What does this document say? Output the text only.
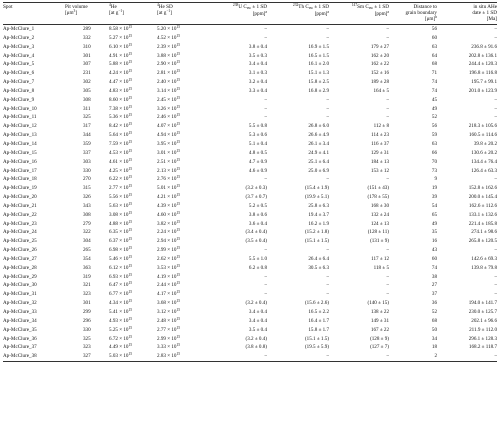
Spot	Pit volume
$[\mu m^3]$	$^4$He
[at $g^{-1}$]	$^4$He SD
[at $g^{-1}$]	$^{238}$U $C_{aw} \pm 1$ SD
[ppm]$^a$	$^{232}$Th $C_{aw} \pm 1$ SD
[ppm]$^a$	$^{147}$Sm $C_{aw} \pm 1$ SD
[ppm]$^a$	Distance to
grain boundary
$[\mu m]^b$	in situ AHe
date ± 1 SD
[Ma]

Ap-McClure_1	289	$8.58 \times 10^{15}$	$5.20 \times 10^{15}$	–	–	–	56	–
Ap-McClure_2	332	$5.27 \times 10^{15}$	$4.52 \times 10^{15}$	–	–	–	60	–
Ap-McClure_3	310	$6.10 \times 10^{15}$	$2.39 \times 10^{15}$	3.8 ± 0.4	16.9 ± 1.5	179 ± 27	63	236.8 ± 91.6
Ap-McClure_4	301	$4.91 \times 10^{15}$	$3.88 \times 10^{15}$	3.5 ± 0.3	16.5 ± 1.5	162 ± 20	64	202.8 ± 136.1
Ap-McClure_5	307	$5.88 \times 10^{15}$	$2.90 \times 10^{15}$	3.4 ± 0.4	16.1 ± 2.0	162 ± 22	68	244.4 ± 120.3
Ap-McClure_6	231	$4.24 \times 10^{15}$	$2.81 \times 10^{15}$	3.1 ± 0.3	15.1 ± 1.3	152 ± 16	71	196.8 ± 116.8
Ap-McClure_7	302	$4.47 \times 10^{15}$	$2.40 \times 10^{15}$	3.2 ± 0.4	15.8 ± 2.5	189 ± 28	74	195.7 ± 99.1
Ap-McClure_8	305	$4.83 \times 10^{15}$	$3.14 \times 10^{15}$	3.3 ± 0.4	16.8 ± 2.9	164 ± 5	74	201.0 ± 123.9
Ap-McClure_9	308	$8.60 \times 10^{15}$	$2.45 \times 10^{15}$	–	–	–	45	–
Ap-McClure_10	311	$7.38 \times 10^{15}$	$3.26 \times 10^{15}$	–	–	–	49	–
Ap-McClure_11	325	$5.36 \times 10^{15}$	$2.46 \times 10^{15}$	–	–	–	52	–
Ap-McClure_12	317	$8.42 \times 10^{15}$	$4.07 \times 10^{15}$	5.5 ± 0.8	26.8 ± 6.0	112 ± 8	56	218.3 ± 105.6
Ap-McClure_13	344	$5.64 \times 10^{15}$	$4.94 \times 10^{15}$	5.3 ± 0.6	26.6 ± 4.9	114 ± 23	59	160.5 ± 114.6
Ap-McClure_14	359	$7.59 \times 10^{15}$	$3.95 \times 10^{15}$	5.1 ± 0.4	26.1 ± 3.4	116 ± 37	63	39.8 ± 20.2
Ap-McClure_15	337	$4.53 \times 10^{15}$	$3.01 \times 10^{15}$	4.8 ± 0.5	24.9 ± 4.1	129 ± 31	66	130.6 ± 20.2
Ap-McClure_16	303	$4.61 \times 10^{15}$	$2.51 \times 10^{15}$	4.7 ± 0.9	25.1 ± 6.4	184 ± 13	70	134.4 ± 76.4
Ap-McClure_17	330	$4.25 \times 10^{15}$	$2.13 \times 10^{15}$	4.6 ± 0.9	25.0 ± 6.9	153 ± 12	73	126.4 ± 63.3
Ap-McClure_18	270	$6.22 \times 10^{15}$	$2.76 \times 10^{15}$	–	–	–	9	–
Ap-McClure_19	315	$2.77 \times 10^{15}$	$5.01 \times 10^{15}$	(3.2 ± 0.3)	(15.4 ± 1.9)	(151 ± 43)	19	152.8 ± 162.6
Ap-McClure_20	326	$5.56 \times 10^{15}$	$4.21 \times 10^{15}$	(3.7 ± 0.7)	(19.9 ± 5.1)	(178 ± 55)	39	200.0 ± 145.4
Ap-McClure_21	343	$5.63 \times 10^{15}$	$4.39 \times 10^{15}$	5.2 ± 0.5	25.8 ± 6.3	168 ± 30	54	162.6 ± 112.6
Ap-McClure_22	308	$3.08 \times 10^{15}$	$4.60 \times 10^{15}$	3.8 ± 0.6	19.4 ± 3.7	132 ± 24	65	133.1 ± 132.6
Ap-McClure_23	279	$4.88 \times 10^{15}$	$3.82 \times 10^{15}$	3.6 ± 0.4	16.2 ± 1.9	124 ± 13	49	221.4 ± 185.8
Ap-McClure_24	322	$6.35 \times 10^{15}$	$2.24 \times 10^{15}$	(3.4 ± 0.4)	(15.2 ± 1.8)	(128 ± 11)	35	274.1 ± 98.6
Ap-McClure_25	304	$6.37 \times 10^{15}$	$2.94 \times 10^{15}$	(3.5 ± 0.4)	(15.1 ± 1.5)	(131 ± 9)	16	265.8 ± 120.5
Ap-McClure_26	265	$6.98 \times 10^{15}$	$2.99 \times 10^{15}$	–	–	–	43	–
Ap-McClure_27	354	$5.46 \times 10^{15}$	$2.62 \times 10^{15}$	5.5 ± 1.0	26.4 ± 6.4	117 ± 12	60	142.6 ± 69.3
Ap-McClure_28	363	$6.12 \times 10^{15}$	$3.53 \times 10^{15}$	6.2 ± 0.8	30.5 ± 6.3	118 ± 5	74	139.8 ± 79.8
Ap-McClure_29	319	$6.93 \times 10^{15}$	$4.19 \times 10^{15}$	–	–	–	38	–
Ap-McClure_30	321	$6.47 \times 10^{15}$	$2.44 \times 10^{15}$	–	–	–	27	–
Ap-McClure_31	323	$6.77 \times 10^{15}$	$4.17 \times 10^{15}$	–	–	–	37	–
Ap-McClure_32	301	$4.34 \times 10^{15}$	$3.68 \times 10^{15}$	(3.2 ± 0.4)	(15.6 ± 2.6)	(140 ± 15)	36	194.0 ± 141.7
Ap-McClure_33	299	$5.41 \times 10^{15}$	$3.12 \times 10^{15}$	3.4 ± 0.4	16.5 ± 2.2	138 ± 22	52	230.0 ± 125.7
Ap-McClure_34	296	$4.93 \times 10^{15}$	$2.48 \times 10^{15}$	3.4 ± 0.4	16.4 ± 1.7	149 ± 31	68	202.1 ± 96.6
Ap-McClure_35	330	$5.25 \times 10^{15}$	$2.77 \times 10^{15}$	3.5 ± 0.4	15.8 ± 1.7	167 ± 22	50	211.9 ± 112.0
Ap-McClure_36	325	$6.72 \times 10^{15}$	$2.99 \times 10^{15}$	(3.2 ± 0.4)	(15.1 ± 1.5)	(128 ± 9)	34	296.1 ± 128.3
Ap-McClure_37	323	$4.49 \times 10^{15}$	$3.33 \times 10^{15}$	(3.8 ± 0.8)	(19.5 ± 5.9)	(127 ± 7)	18	168.2 ± 118.7
Ap-McClure_38	327	$5.03 \times 10^{15}$	$2.83 \times 10^{15}$	–	–	–	2	–
